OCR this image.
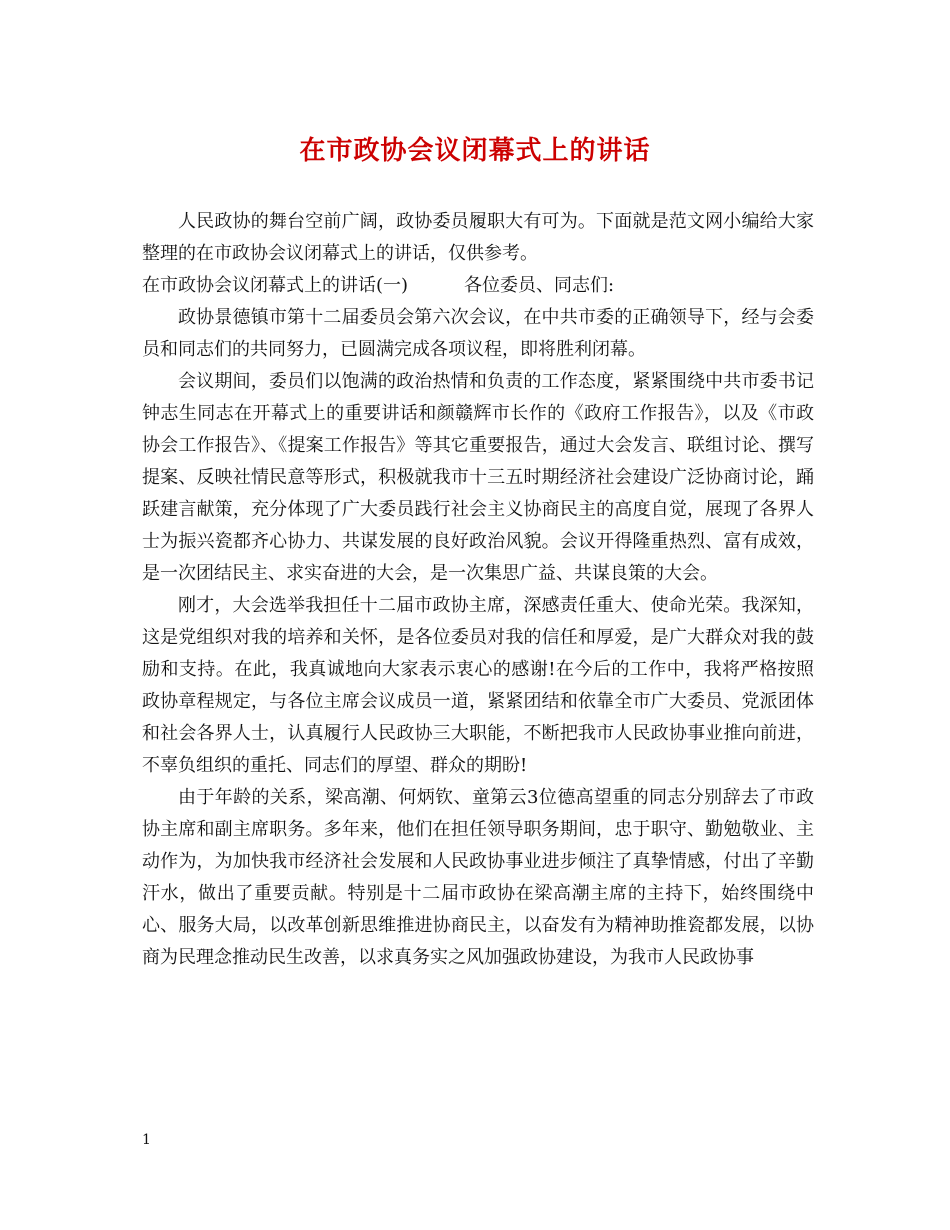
在市政协会议闭幕式上的讲话

人民政协的舞台空前广阔，政协委员履职大有可为。下面就是范文网小编给大家整理的在市政协会议闭幕式上的讲话，仅供参考。

在市政协会议闭幕式上的讲话(一)	各位委员、同志们:

政协景德镇市第十二届委员会第六次会议，在中共市委的正确领导下，经与会委员和同志们的共同努力，已圆满完成各项议程，即将胜利闭幕。

会议期间，委员们以饱满的政治热情和负责的工作态度，紧紧围绕中共市委书记钟志生同志在开幕式上的重要讲话和颜赣辉市长作的《政府工作报告》，以及《市政协会工作报告》、《提案工作报告》等其它重要报告，通过大会发言、联组讨论、撰写提案、反映社情民意等形式，积极就我市十三五时期经济社会建设广泛协商讨论，踊跃建言献策，充分体现了广大委员践行社会主义协商民主的高度自觉，展现了各界人士为振兴瓷都齐心协力、共谋发展的良好政治风貌。会议开得隆重热烈、富有成效，是一次团结民主、求实奋进的大会，是一次集思广益、共谋良策的大会。

刚才，大会选举我担任十二届市政协主席，深感责任重大、使命光荣。我深知，这是党组织对我的培养和关怀，是各位委员对我的信任和厚爱，是广大群众对我的鼓励和支持。在此，我真诚地向大家表示衷心的感谢!在今后的工作中，我将严格按照政协章程规定，与各位主席会议成员一道，紧紧团结和依靠全市广大委员、党派团体和社会各界人士，认真履行人民政协三大职能，不断把我市人民政协事业推向前进，不辜负组织的重托、同志们的厚望、群众的期盼!

由于年龄的关系，梁高潮、何炳钦、童第云3位德高望重的同志分别辞去了市政协主席和副主席职务。多年来，他们在担任领导职务期间，忠于职守、勤勉敬业、主动作为，为加快我市经济社会发展和人民政协事业进步倾注了真挚情感，付出了辛勤汗水，做出了重要贡献。特别是十二届市政协在梁高潮主席的主持下，始终围绕中心、服务大局，以改革创新思维推进协商民主，以奋发有为精神助推瓷都发展，以协商为民理念推动民生改善，以求真务实之风加强政协建设，为我市人民政协事

1
